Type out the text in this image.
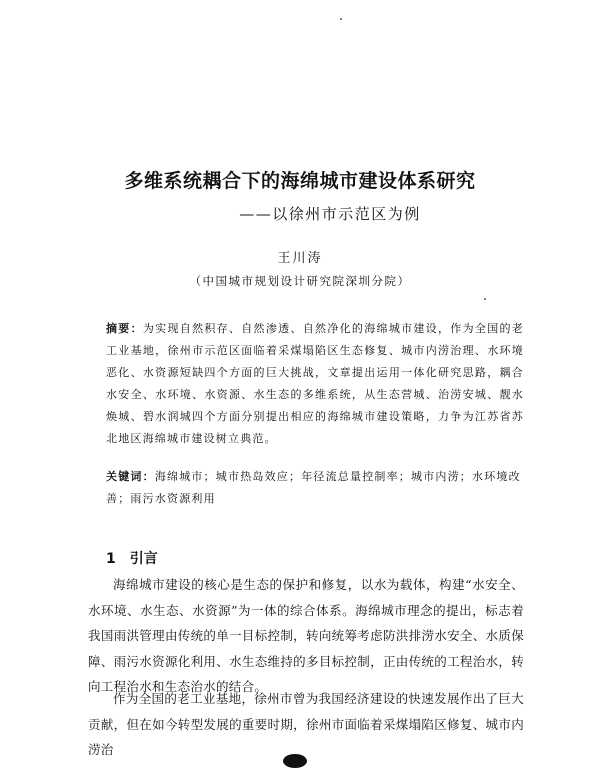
多维系统耦合下的海绵城市建设体系研究
——以徐州市示范区为例
王川涛
（中国城市规划设计研究院深圳分院）
摘要：为实现自然积存、自然渗透、自然净化的海绵城市建设，作为全国的老工业基地，徐州市示范区面临着采煤塌陷区生态修复、城市内涝治理、水环境恶化、水资源短缺四个方面的巨大挑战，文章提出运用一体化研究思路，耦合水安全、水环境、水资源、水生态的多维系统，从生态营城、治涝安城、靓水焕城、碧水润城四个方面分别提出相应的海绵城市建设策略，力争为江苏省苏北地区海绵城市建设树立典范。
关键词：海绵城市；城市热岛效应；年径流总量控制率；城市内涝；水环境改善；雨污水资源利用
1 引言
海绵城市建设的核心是生态的保护和修复，以水为载体，构建“水安全、水环境、水生态、水资源”为一体的综合体系。海绵城市理念的提出，标志着我国雨洪管理由传统的单一目标控制，转向统筹考虑防洪排涝水安全、水质保障、雨污水资源化利用、水生态维持的多目标控制，正由传统的工程治水，转向工程治水和生态治水的结合。
作为全国的老工业基地，徐州市曾为我国经济建设的快速发展作出了巨大贡献，但在如今转型发展的重要时期，徐州市面临着采煤塌陷区修复、城市内涝治
